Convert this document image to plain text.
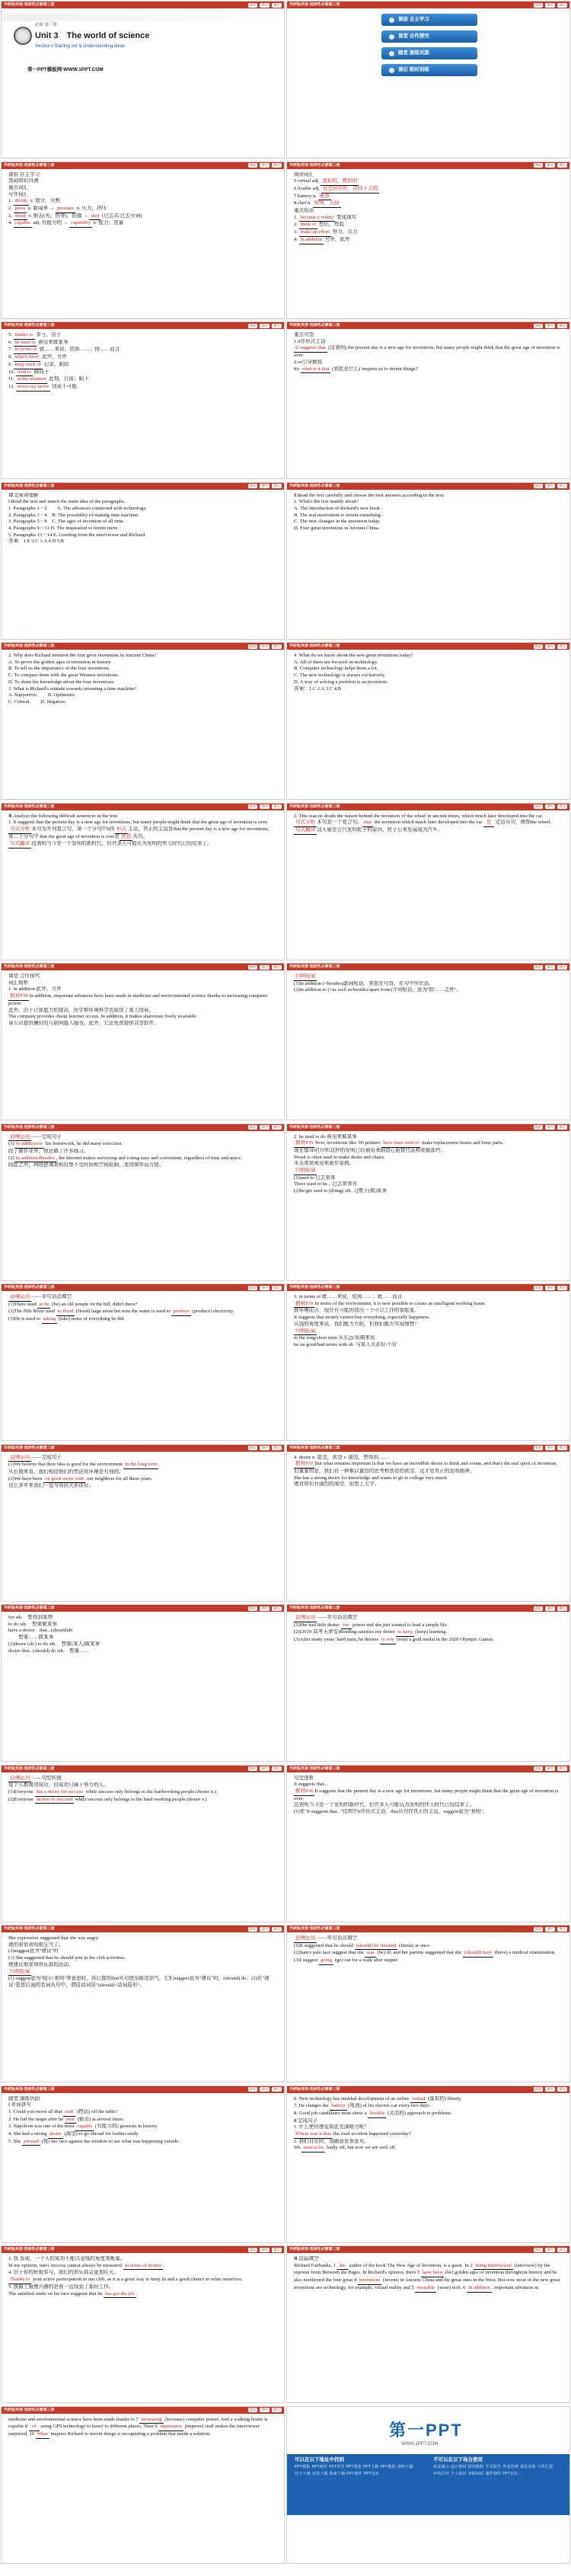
外研版英语·选择性必修第三册	课前	课中	课后
必修 第三册
Unit 3　The world of science
Section Ⅰ Starting out & Understanding ideas
第一PPT模板网-WWW.1PPT.COM
外研版英语·选择性必修第三册	课前	课中	课后
课前 自主学习
课堂 合作探究
随堂 演练巩固
课后 限时训练
外研版英语·选择性必修第三册	课前	课中	课后
课前 自主学习
基础知识自测
重点词汇
写作词汇
1. divide v. 划分，分割
2. press n. 新闻界 → pressure n. 压力，挤压
3. shoot v. 射击(光、热等)，拍摄 → shot (过去式/过去分词)
4. capable adj. 有能力的 → capability n. 能力；容量
外研版英语·选择性必修第三册	课前	课中	课后
阅读词汇
5.virtual adj. 虚拟的，模拟的
6.livable adj. 适宜居住的，活得下去的
7.battery n. 电池
8.chef n. 厨师，大厨
重点短语
1. become a reality 变成现实
2. think of 想出，想起
3. make an effort 努力，尽力
4. in addition 另外，此外
外研版英语·选择性必修第三册	课前	课中	课后
5. thanks to 多亏，由于
6. be used to 被用来做某事
7. in terms of 就……来说，依照……；按……而言
8. what's more 此外，另外
9. keep track of 记录，跟踪
10. tend to 倾向于
11. at the moment 此刻，目前；眼下
12. never say never 别说不可能
外研版英语·选择性必修第三册	课前	课中	课后
重点句型
1.it作形式主语
It suggests that (这表明) the present day is a new age for inventions, but many people might think that the great age of invention is over.
2.so引导倒装
So what is it that (到底是什么) inspires us to invent things?
外研版英语·选择性必修第三册	课前	课中	课后
课文阅读理解
Ⅰ.Read the text and match the main idea of the paragraphs.
1. Paragraphs 1－2　　A. The advances connected with technology.
2. Paragraphs 3－4　B. The possibility of making time machine.
3. Paragraphs 5－8　C. The ages of invention of all time.
4. Paragraphs 9－11 D. The inspiration to invent more.
5. Paragraphs 13－14 E. Greeting from the interviewer and Richard.
答案：1.E 2.C 3.A 4.D 5.B
外研版英语·选择性必修第三册	课前	课中	课后
Ⅱ.Read the text carefully and choose the best answers according to the text.
1. What's the text mainly about?
A. The introduction of Richard's new book.
B. The real motivation to invent something.
C. The new changes in the invention today.
D. Four great inventions in Ancient China.
外研版英语·选择性必修第三册	课前	课中	课后
2. Why does Richard mention the four great inventions in Ancient China?
A. To prove the golden ages of invention in history.
B. To tell us the importance of the four inventions.
C. To compare them with the great Western inventions.
D. To share his knowledge about the four inventions.
3. What is Richard's attitude towards inventing a time machine?
A. Supportive.　　B. Optimistic.
C. Critical.　　D. Negative.
外研版英语·选择性必修第三册	课前	课中	课后
4. What do we know about the new great inventions today?
A. All of them are focused on technology.
B. Computer technology helps them a lot.
C. The new technology is always exclusively.
D. A way of solving a problem is an invention.
答案：1.C 2.A 3.C 4.B
外研版英语·选择性必修第三册	课前	课中	课后
Ⅲ.Analyze the following difficult sentences in the text.
1. It suggests that the present day is a new age for inventions, but many people might think that the great age of invention is over.
句式分析 本句为并列复合句，第一个分句中It作 形式 主语，真正的主语是that the present day is a new age for inventions；第二个分句中 that the great age of invention is over是 宾语 从句。
句式翻译 这表明当今是一个发明的新时代，但许多人可能认为发明的伟大时代已经结束了。
外研版英语·选择性必修第三册	课前	课中	课后
2. This was no doubt the reason behind the invention of the wheel in ancient times, which much later developed into the car.
句式分析 本句是一个复合句。 that the invention which much later developed into the car 是 定语从句，修饰the wheel.
句式翻译 这无疑是古代发明轮子的原因，轮子后来发展成为汽车。
外研版英语·选择性必修第三册	课前	课中	课后
课堂 合作探究
词汇精析
1. in addition 此外，另外
教材P38 In addition, important advances have been made in medicine and environmental science thanks to increasing computer power.
此外，由于计算能力的提高，医学和环境科学也取得了重大进展。
The company provides cheap Internet access. In addition, it makes shareware freely available.
该公司提供廉价的互联网接入服务。此外，它还免费提供共享软件。
外研版英语·选择性必修第三册	课前	课中	课后
归纳拓展
(1)in addition (=besides)副词短语，常放在句首，在句中作状语。
(2)in addition to (=as well as/besides/apart from)介词短语，意为"除……之外"。
外研版英语·选择性必修第三册	课前	课中	课后
语境运用 ——完成句子
(1) In addition to his homework, he did many exercises.
除了做作业外，他还做了许多练习。
(2) In addition/Besides , the Internet makes surveying and voting easy and convenient, regardless of time and space.
除此之外，网络使调查和投票不受时间和空间限制，变得简单而方便。
外研版英语·选择性必修第三册	课前	课中	课后
2. be used to do 被用来做某事
教材P39 Now, inventions like 3D printers have been used to make replacement hearts and bone parts.
现在像3D打印机这样的发明已经被用来制造心脏替代品和骨骼部件。
Wood is often used to make desks and chairs.
木头常常被用来制作桌椅。
归纳拓展
(1)used to 过去常常
There used to be... 过去常常有
(2)be/get used to (doing) sth. 习惯于(做)某事
外研版英语·选择性必修第三册	课前	课中	课后
语境运用 ——单句语法填空
(1)There used to be (be) an old temple on the hill, didn't there?
(2)The Nile River used to flood (flood) large areas but now the water is used to produce (produce) electricity.
(3)He is used to taking (take) notes of everything he did.
外研版英语·选择性必修第三册	课前	课中	课后
3. in terms of 就……来说，依照……；就……而言
教材P39 In terms of the environment, it is now possible to create an intelligent working home.
就环境而言，现在有可能创造出一个可以工作的智能家。
It suggests that money cannot buy everything, especially happiness.
从钱的角度来说，我们能力有限，但我们能否实现理想？
归纳拓展
in the long/short term 从长远/短期来看
be on good/bad terms with sb. 与某人关系好/不好
外研版英语·选择性必修第三册	课前	课中	课后
语境运用 ——完成句子
(1)We believe that their idea is good for the environment in the long term .
从长期来看，我们相信他们的想法对环境是有利的。
(2)We have been on good terms with our neighbors for all these years.
这么多年来我们一直与邻居关系很好。
外研版英语·选择性必修第三册	课前	课中	课后
4. desire n. 愿望，欲望 v. 渴望，想得到……
教材P37 But what remains important is that we have an incredible desire to think and create, and that's the real spirit of invention.
但重要的是，我们有一种难以置信的思考和创造的欲望，这才是真正的发明精神。
She has a strong desire for knowledge and wants to go to college very much.
她对知识有强烈的渴望，很想上大学。
外研版英语·选择性必修第三册	课前	课中	课后
for sth.　想得到某物
to do sth.　想要做某事
have a desire　that...(should)do
　　想要……做某事
(2)desire (sb.) to do sth.　想要(某人)做某事
desire that...(should) do sth.　想要……
外研版英语·选择性必修第三册	课前	课中	课后
语境运用 ——单句语法填空
(1)She had little desire for power and she just wanted to lead a simple life.
(2)(2019·高考天津卷)Reading satisfies my desire to keep (keep) learning.
(3)After many years' hard train, he desires to win (win) a gold medal in the 2020 Olympic Games.
外研版英语·选择性必修第三册	课前	课中	课后
语境运用 ——句型转换
每个人都渴望成功，但成功只属于努力的人。
(1)Everyone has a desire for success while success only belongs to the hardworking people.(desire n.)
(2)Everyone desires to succeed while success only belongs to the hard-working people.(desire v.)
外研版英语·选择性必修第三册	课前	课中	课后
句型透析
It suggests that...
教材P36 It suggests that the present day is a new age for inventions, but many people might think that the great age of invention is over.
这表明当今是一个发明的新时代，但许多人可能认为发明的伟大时代已经结束了。
(1)在"It suggests that..."结构中it作形式主语，that从句作真正的主语，suggest意为"表明"。
外研版英语·选择性必修第三册	课前	课中	课后
Her expression suggested that she was angry.
她的表情表明她生气了。
(2)suggest意为"建议"时
(1) She suggested that he should join in the club activities.
她建议他参加俱乐部的活动。
归纳拓展
(1) suggest意为"暗示/表明"等意思时，其后接的that从句使用陈述语气，它们suggest意为"建议"时，(should) do；(2)在"建议"意思后面的名词从句中，谓语动词用"(should)+动词原形"。
外研版英语·选择性必修第三册	课前	课中	课后
语境运用 ——单句语法填空
(1)It suggested that he should (should) be finished (finish) at once.
(2)Sam's pale face suggest that she was (be) ill, and her parents suggested that she (should) have (have) a medical examination.
(3)I suggest going (go) out for a walk after supper.
外研版英语·选择性必修第三册	课前	课中	课后
随堂 演练巩固
Ⅰ.单词拼写
1. Could you move all that stuff (物品) off the table?
2. He hid the target after he shot (射击) at several times.
3. Napoleon was one of the most capable (有能力的) generals in history.
4. She had a strong desire (渴望) to go abroad for further study.
5. She pressed (按) her face against the window to see what was happening outside.
外研版英语·选择性必修第三册	课前	课中	课后
6. New technology has enabled development of an online virtual (虚拟的) library.
7. He charges the battery (电池) of his electric car every two days.
8. Good job candidates must show a flexible (灵活的) approach to problems.
Ⅱ.完成句子
1. 什么使你感觉如此充满精力呢？
Where was it that the road accident happened yesterday?
2. 我们讨论时，别随意发表意见。
We need to be badly off, but now we are well off.
外研版英语·选择性必修第三册	课前	课中	课后
3. 我 发现，一个人的成功不能以金钱的角度来衡量。
In my opinion, one's success cannot always be measured in terms of money .
4. 由于你的积极参与，我们的俱乐部会更加红火。
Thanks to your active participation in our club, as it is a great way to keep fit and a good chance to relax ourselves.
5. 我最上最感兴趣的是我一直得到了那份工作。
The satisfied smile on his face suggests that he has got the job .
外研版英语·选择性必修第三册	课前	课中	课后
Ⅲ.语篇填空
Richard Fairbanks, 1 the author of the book The New Age of Invention, is a guest. In 2 being interviewed (interview) by the reporter from Between the Pages. In Richard's opinion, there 3 have been (be) golden ages of invention throughout history and he also mentioned the four great 4 inventions (invent) in Ancient China and the great ones in the West. But now most of the new great inventions are technology, for example, virtual reality and 5 wearable (wear) tech. 6 In addition , important advances in
外研版英语·选择性必修第三册	课前	课中	课后
medicine and environmental science have been made thanks to 7 increasing (increase) computer power. And a walking house is capable 8 of using GPS technology to travel to different places. Then 9 impressive (impress) stuff makes the interviewer surprised. 10 What inspires Richard to invent things is recognizing a problem that needs a solution.	第一PPT
WWW.1PPT.COM
可以在以下地址中找到
PPT模板 PPT素材 PPT背景 PPT图表 PPT下载 PPT教程 资料下载
范文下载 试卷下载 教案下载 PPT课件 PPT论坛
不可以在以下场合使用
商业演示 设计素材 培训教程 学术报告 毕业答辩 课堂讲课 工作汇报
年终总结 个人简历 求职面试 课件制作 PPT论坛
